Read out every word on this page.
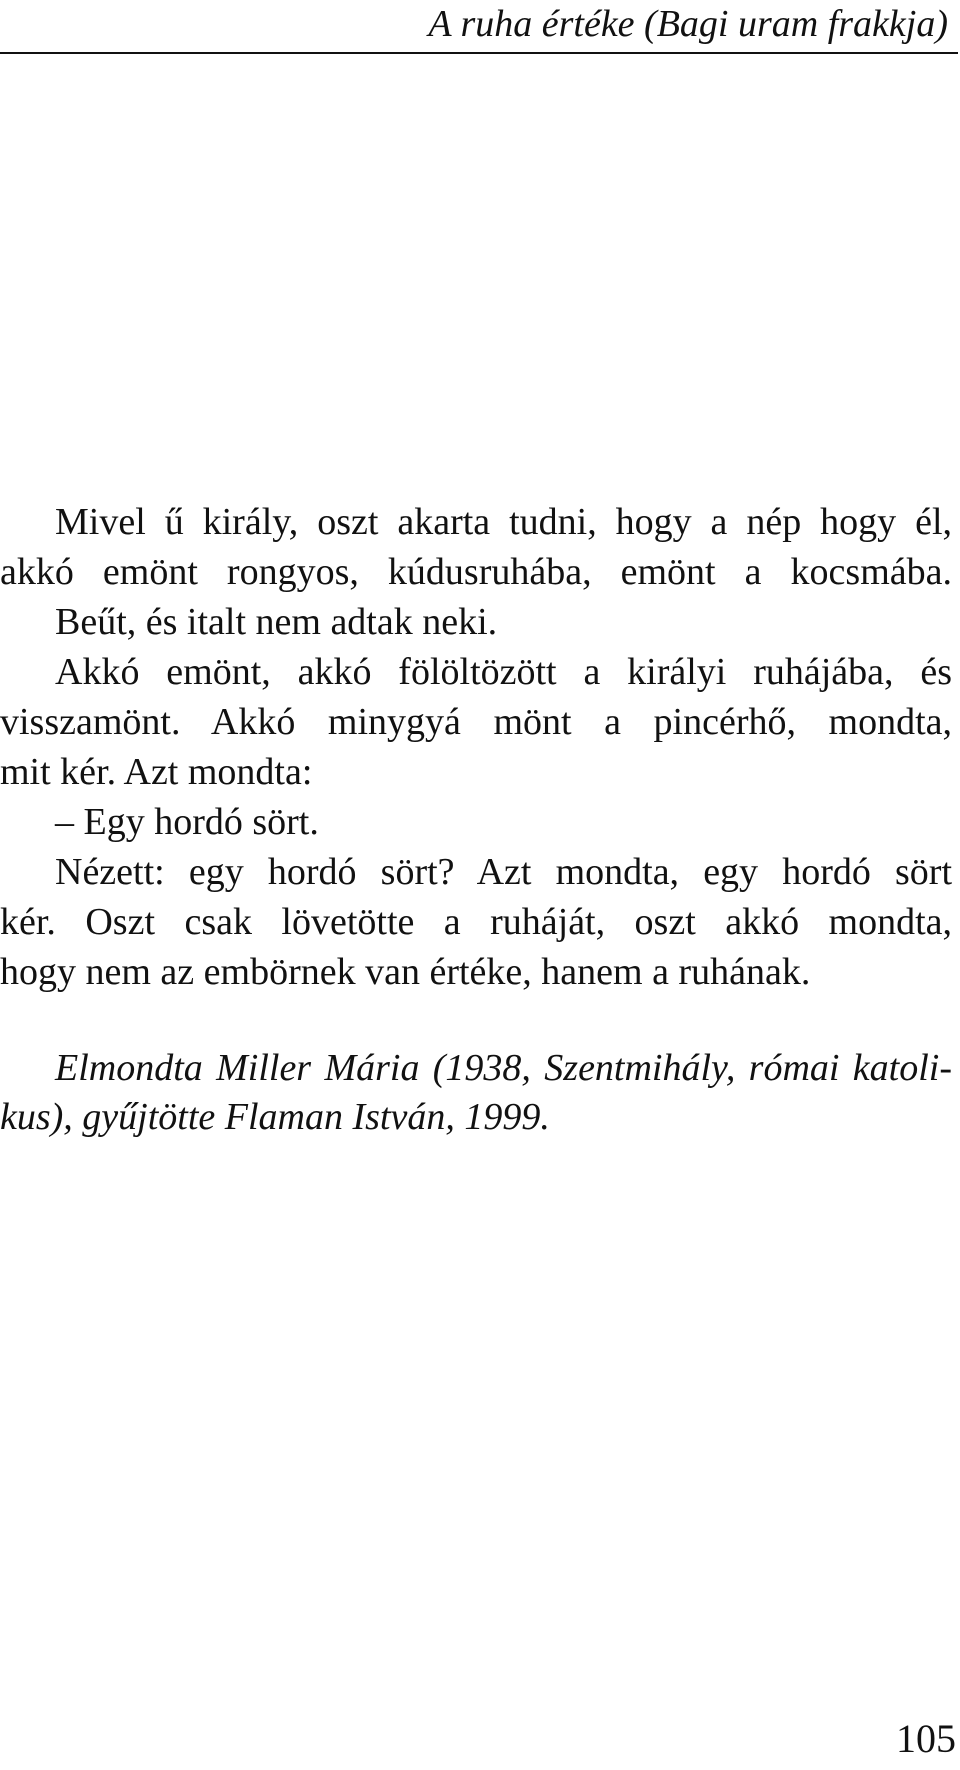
A ruha értéke (Bagi uram frakkja)
Mivel ű király, oszt akarta tudni, hogy a nép hogy él,
akkó emönt rongyos, kúdusruhába, emönt a kocsmába.
Beűt, és italt nem adtak neki.
Akkó emönt, akkó fölöltözött a királyi ruhájába, és
visszamönt. Akkó minygyá mönt a pincérhő, mondta,
mit kér. Azt mondta:
– Egy hordó sört.
Nézett: egy hordó sört? Azt mondta, egy hordó sört
kér. Oszt csak lövetötte a ruháját, oszt akkó mondta,
hogy nem az embörnek van értéke, hanem a ruhának.
Elmondta Miller Mária (1938, Szentmihály, római katoli-
kus), gyűjtötte Flaman István, 1999.
105
